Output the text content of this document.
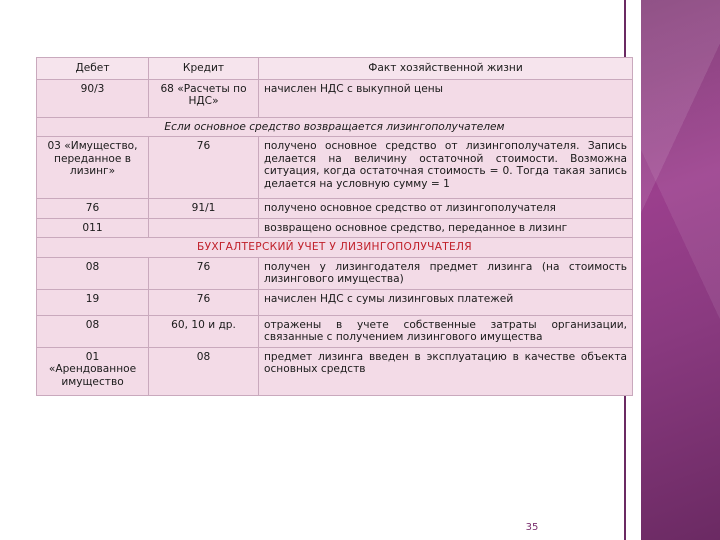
Дебет	Кредит	Факт хозяйственной жизни
90/3	68 «Расчеты по НДС»	начислен НДС с выкупной цены
Если основное средство возвращается лизингополучателем		
03 «Имущество, переданное в лизинг»	76	получено основное средство от лизингополучателя. Запись делается на величину остаточной стоимости. Возможна ситуация, когда остаточная стоимость = 0. Тогда такая запись делается на условную сумму = 1
76	91/1	получено основное средство от лизингополучателя
011		возвращено основное средство, переданное в лизинг
БУХГАЛТЕРСКИЙ УЧЕТ У ЛИЗИНГОПОЛУЧАТЕЛЯ		
08	76	получен у лизингодателя предмет лизинга (на стоимость лизингового имущества)
19	76	начислен НДС с сумы лизинговых платежей
08	60, 10 и др.	отражены в учете собственные затраты организации, связанные с получением лизингового имущества
01 «Арендованное имущество	08	предмет лизинга введен в эксплуатацию в качестве объекта основных средств
35
